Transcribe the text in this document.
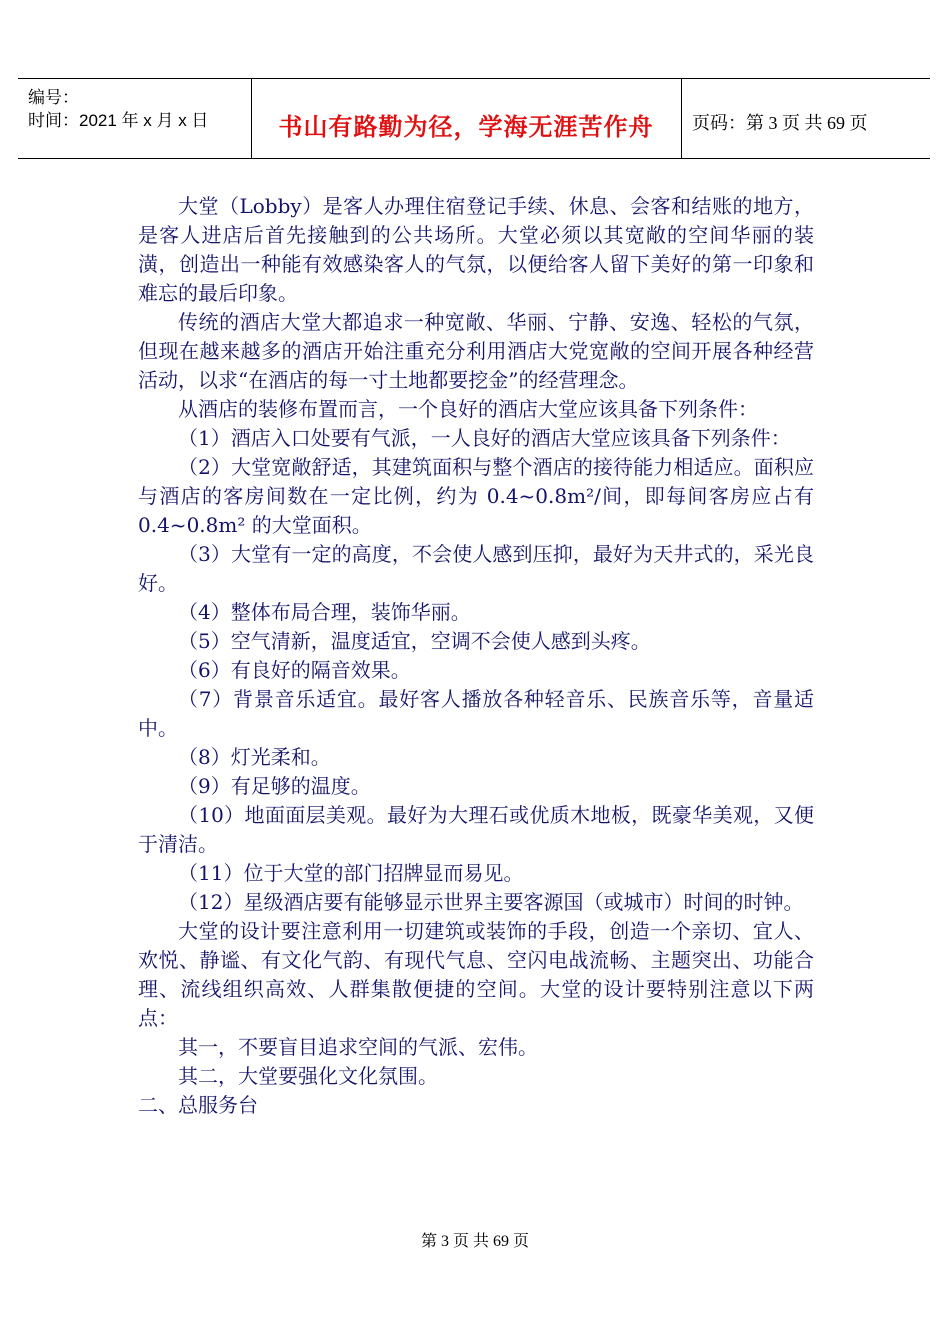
编号：
时间：2021 年 x 月 x 日	书山有路勤为径，学海无涯苦作舟	页码：第 3 页 共 69 页

大堂（Lobby）是客人办理住宿登记手续、休息、会客和结账的地方，是客人进店后首先接触到的公共场所。大堂必须以其宽敞的空间华丽的装潢，创造出一种能有效感染客人的气氛，以便给客人留下美好的第一印象和难忘的最后印象。

传统的酒店大堂大都追求一种宽敞、华丽、宁静、安逸、轻松的气氛，但现在越来越多的酒店开始注重充分利用酒店大党宽敞的空间开展各种经营活动，以求“在酒店的每一寸土地都要挖金”的经营理念。

从酒店的装修布置而言，一个良好的酒店大堂应该具备下列条件：

（1）酒店入口处要有气派，一人良好的酒店大堂应该具备下列条件：

（2）大堂宽敞舒适，其建筑面积与整个酒店的接待能力相适应。面积应与酒店的客房间数在一定比例，约为 0.4~0.8m²/间，即每间客房应占有 0.4~0.8m² 的大堂面积。

（3）大堂有一定的高度，不会使人感到压抑，最好为天井式的，采光良好。

（4）整体布局合理，装饰华丽。

（5）空气清新，温度适宜，空调不会使人感到头疼。

（6）有良好的隔音效果。

（7）背景音乐适宜。最好客人播放各种轻音乐、民族音乐等，音量适中。

（8）灯光柔和。

（9）有足够的温度。

（10）地面面层美观。最好为大理石或优质木地板，既豪华美观，又便于清洁。

（11）位于大堂的部门招牌显而易见。

（12）星级酒店要有能够显示世界主要客源国（或城市）时间的时钟。

大堂的设计要注意利用一切建筑或装饰的手段，创造一个亲切、宜人、欢悦、静谧、有文化气韵、有现代气息、空闪电战流畅、主题突出、功能合理、流线组织高效、人群集散便捷的空间。大堂的设计要特别注意以下两点：

其一，不要盲目追求空间的气派、宏伟。

其二，大堂要强化文化氛围。

二、总服务台

第 3 页 共 69 页
